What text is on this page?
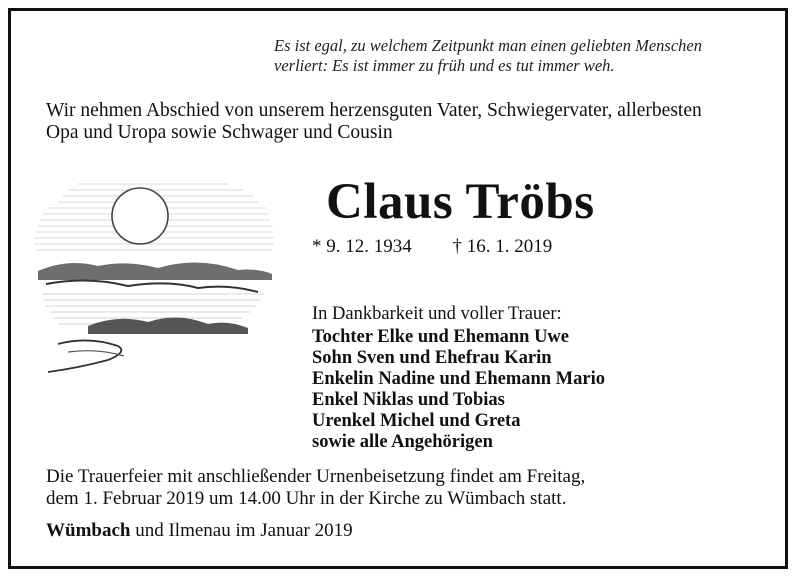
Es ist egal, zu welchem Zeitpunkt man einen geliebten Menschen
verliert: Es ist immer zu früh und es tut immer weh.
Wir nehmen Abschied von unserem herzensguten Vater, Schwiegervater, allerbesten
Opa und Uropa sowie Schwager und Cousin
Claus Tröbs
* 9. 12. 1934 † 16. 1. 2019
In Dankbarkeit und voller Trauer:
Tochter Elke und Ehemann Uwe
Sohn Sven und Ehefrau Karin
Enkelin Nadine und Ehemann Mario
Enkel Niklas und Tobias
Urenkel Michel und Greta
sowie alle Angehörigen
Die Trauerfeier mit anschließender Urnenbeisetzung findet am Freitag,
dem 1. Februar 2019 um 14.00 Uhr in der Kirche zu Wümbach statt.
Wümbach und Ilmenau im Januar 2019
